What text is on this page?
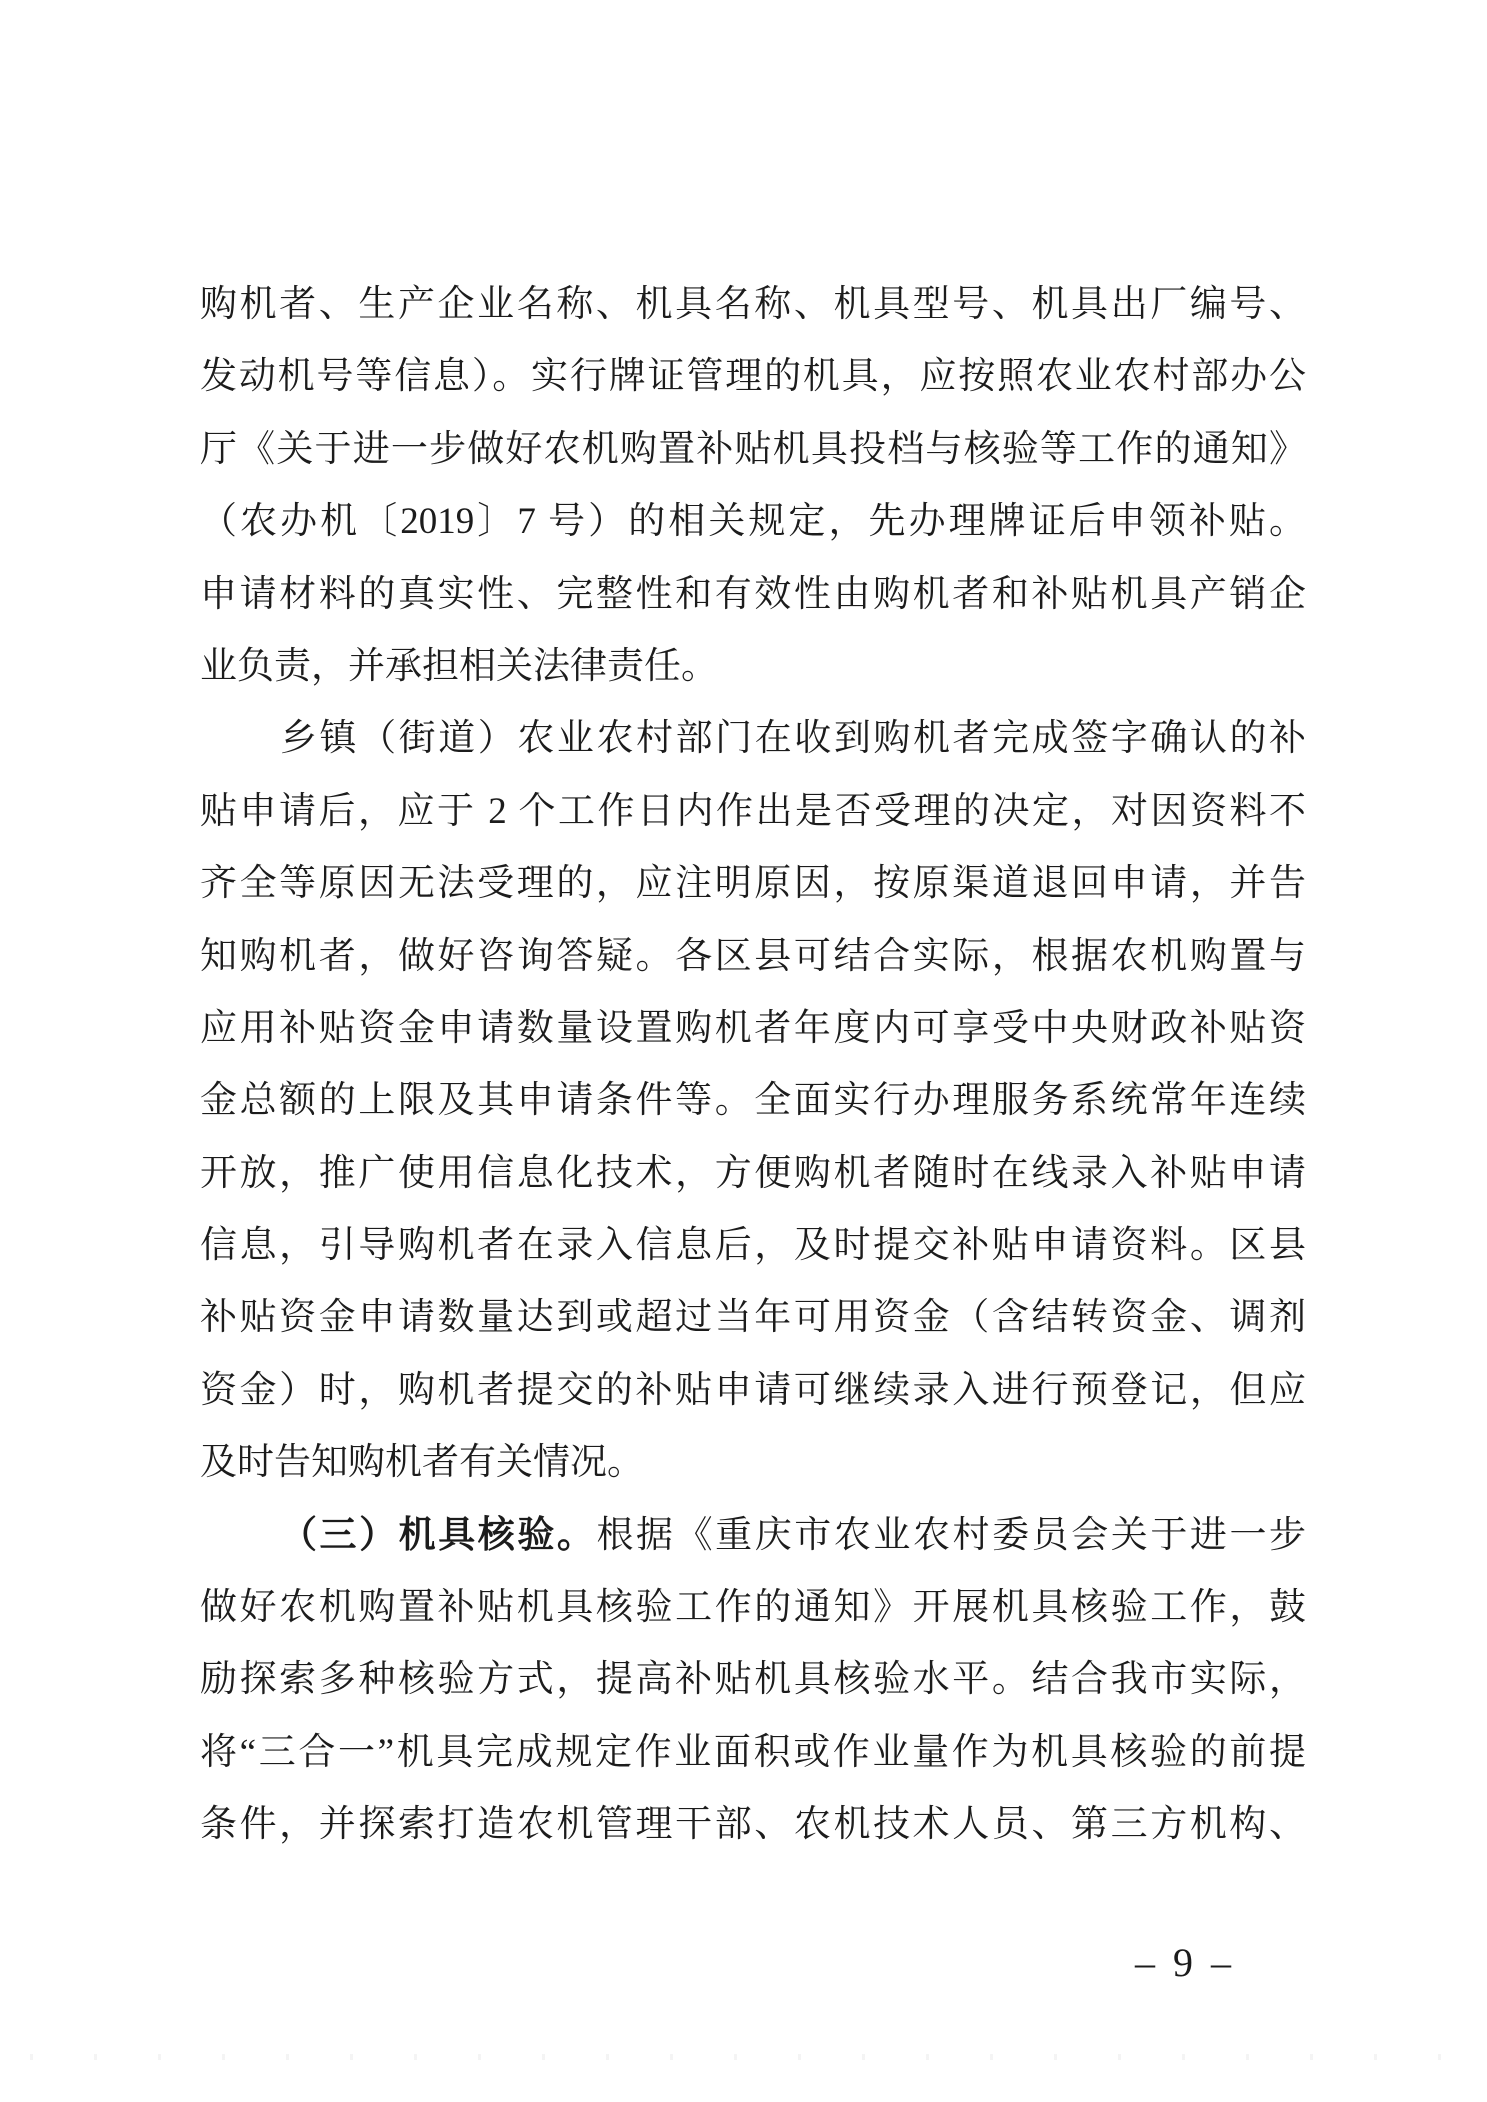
购机者、生产企业名称、机具名称、机具型号、机具出厂编号、
发动机号等信息）。实行牌证管理的机具，应按照农业农村部办公
厅《关于进一步做好农机购置补贴机具投档与核验等工作的通知》
（农办机〔2019〕7 号）的相关规定，先办理牌证后申领补贴。
申请材料的真实性、完整性和有效性由购机者和补贴机具产销企
业负责，并承担相关法律责任。
乡镇（街道）农业农村部门在收到购机者完成签字确认的补
贴申请后，应于 2 个工作日内作出是否受理的决定，对因资料不
齐全等原因无法受理的，应注明原因，按原渠道退回申请，并告
知购机者，做好咨询答疑。各区县可结合实际，根据农机购置与
应用补贴资金申请数量设置购机者年度内可享受中央财政补贴资
金总额的上限及其申请条件等。全面实行办理服务系统常年连续
开放，推广使用信息化技术，方便购机者随时在线录入补贴申请
信息，引导购机者在录入信息后，及时提交补贴申请资料。区县
补贴资金申请数量达到或超过当年可用资金（含结转资金、调剂
资金）时，购机者提交的补贴申请可继续录入进行预登记，但应
及时告知购机者有关情况。
（三）机具核验。根据《重庆市农业农村委员会关于进一步
做好农机购置补贴机具核验工作的通知》开展机具核验工作，鼓
励探索多种核验方式，提高补贴机具核验水平。结合我市实际，
将“三合一”机具完成规定作业面积或作业量作为机具核验的前提
条件，并探索打造农机管理干部、农机技术人员、第三方机构、
– 9 –
